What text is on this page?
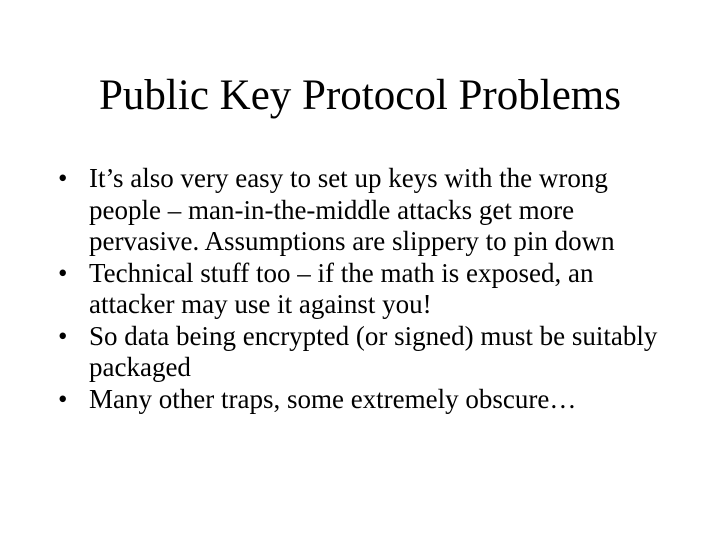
Public Key Protocol Problems
• It’s also very easy to set up keys with the wrong people – man-in-the-middle attacks get more pervasive. Assumptions are slippery to pin down
• Technical stuff too – if the math is exposed, an attacker may use it against you!
• So data being encrypted (or signed) must be suitably packaged
• Many other traps, some extremely obscure…
